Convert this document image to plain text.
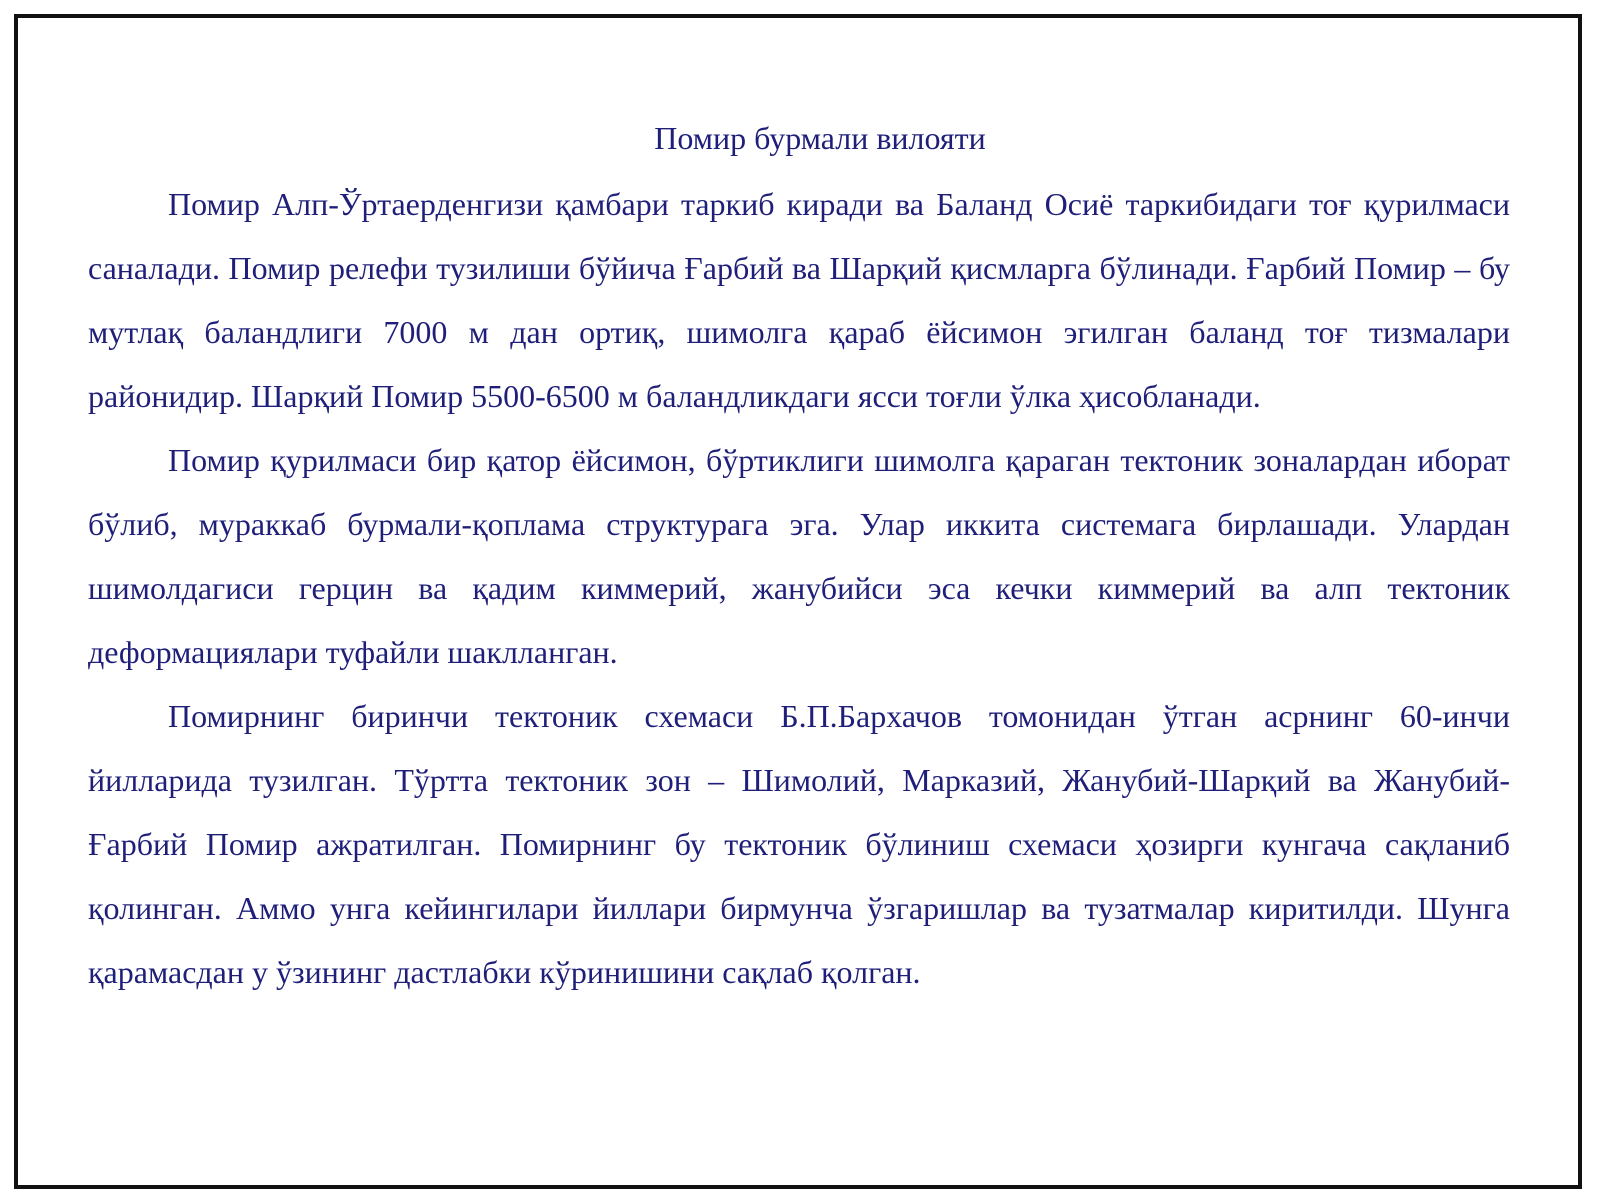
Помир бурмали вилояти

Помир Алп-Ўртаерденгизи қамбари таркиб киради ва Баланд Осиё таркибидаги тоғ қурилмаси саналади. Помир релефи тузилиши бўйича Ғарбий ва Шарқий қисмларга бўлинади. Ғарбий Помир – бу мутлақ баландлиги 7000 м дан ортиқ, шимолга қараб ёйсимон эгилган баланд тоғ тизмалари районидир. Шарқий Помир 5500-6500 м баландликдаги ясси тоғли ўлка ҳисобланади.

Помир қурилмаси бир қатор ёйсимон, бўртиклиги шимолга қараган тектоник зоналардан иборат бўлиб, мураккаб бурмали-қоплама структурага эга. Улар иккита системага бирлашади. Улардан шимолдагиси герцин ва қадим киммерий, жанубийси эса кечки киммерий ва алп тектоник деформациялари туфайли шаклланган.

Помирнинг биринчи тектоник схемаси Б.П.Бархачов томонидан ўтган асрнинг 60-инчи йилларида тузилган. Тўртта тектоник зон – Шимолий, Марказий, Жанубий-Шарқий ва Жанубий-Ғарбий Помир ажратилган. Помирнинг бу тектоник бўлиниш схемаси ҳозирги кунгача сақланиб қолинган. Аммо унга кейингилари йиллари бирмунча ўзгаришлар ва тузатмалар киритилди. Шунга қарамасдан у ўзининг дастлабки кўринишини сақлаб қолган.
